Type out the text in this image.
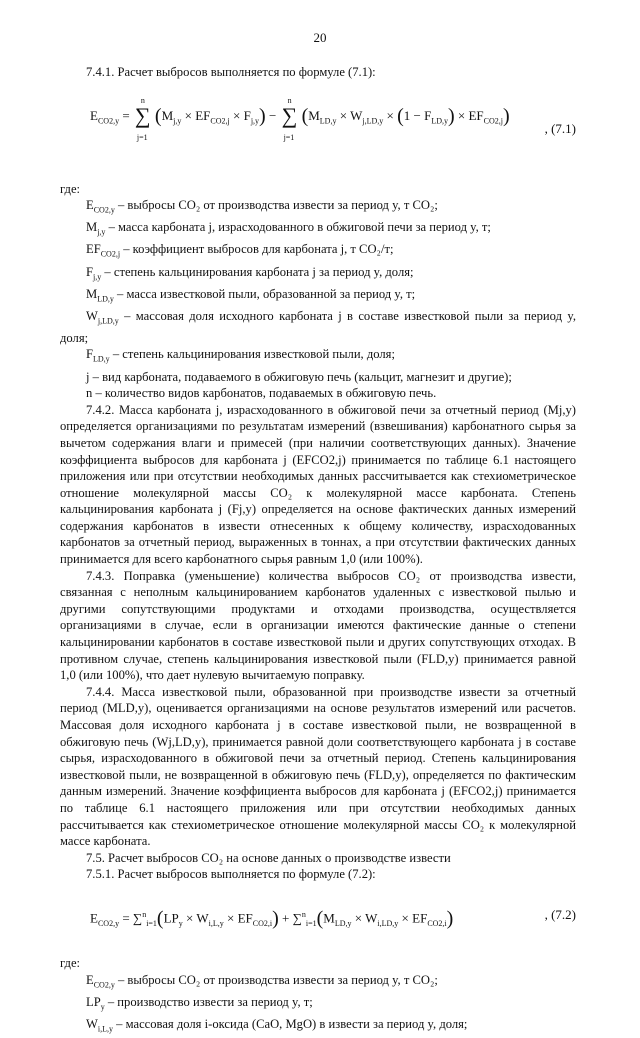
20

7.4.1. Расчет выбросов выполняется по формуле (7.1):

$E_{CO2,y}$ = ∑
n
j=1
$(M_{j,y} \times EF_{CO2,j} \times F_{j,y})$ − ∑
n
j=1
$(M_{LD,y} \times W_{j,LD,y} \times (1 - F_{LD,y}) \times EF_{CO2,j})$
, (7.1)

где:

$E_{CO2,y}$ – выбросы CO₂ от производства извести за период y, т CO₂;

$M_{j,y}$ – масса карбоната j, израсходованного в обжиговой печи за период y, т;

$EF_{CO2,j}$ – коэффициент выбросов для карбоната j, т CO₂/т;

$F_{j,y}$ – степень кальцинирования карбоната j за период y, доля;

$M_{LD,y}$ – масса известковой пыли, образованной за период y, т;

$W_{j,LD,y}$ – массовая доля исходного карбоната j в составе известковой пыли за период y, доля;

$F_{LD,y}$ – степень кальцинирования известковой пыли, доля;

j – вид карбоната, подаваемого в обжиговую печь (кальцит, магнезит и другие);

n – количество видов карбонатов, подаваемых в обжиговую печь.

7.4.2. Масса карбоната j, израсходованного в обжиговой печи за отчетный период (Mj,y) определяется организациями по результатам измерений (взвешивания) карбонатного сырья за вычетом содержания влаги и примесей (при наличии соответствующих данных). Значение коэффициента выбросов для карбоната j (EFCO2,j) принимается по таблице 6.1 настоящего приложения или при отсутствии необходимых данных рассчитывается как стехиометрическое отношение молекулярной массы CO₂ к молекулярной массе карбоната. Степень кальцинирования карбоната j (Fj,y) определяется на основе фактических данных измерений содержания карбонатов в извести отнесенных к общему количеству, израсходованных карбонатов за отчетный период, выраженных в тоннах, а при отсутствии фактических данных принимается для всего карбонатного сырья равным 1,0 (или 100%).

7.4.3. Поправка (уменьшение) количества выбросов CO₂ от производства извести, связанная с неполным кальцинированием карбонатов удаленных с известковой пылью и другими сопутствующими продуктами и отходами производства, осуществляется организациями в случае, если в организации имеются фактические данные о степени кальцинировании карбонатов в составе известковой пыли и других сопутствующих отходах. В противном случае, степень кальцинирования известковой пыли (FLD,y) принимается равной 1,0 (или 100%), что дает нулевую вычитаемую поправку.

7.4.4. Масса известковой пыли, образованной при производстве извести за отчетный период (MLD,y), оценивается организациями на основе результатов измерений или расчетов. Массовая доля исходного карбоната j в составе известковой пыли, не возвращенной в обжиговую печь (Wj,LD,y), принимается равной доли соответствующего карбоната j в составе сырья, израсходованного в обжиговой печи за отчетный период. Степень кальцинирования известковой пыли, не возвращенной в обжиговую печь (FLD,y), определяется по фактическим данным измерений. Значение коэффициента выбросов для карбоната j (EFCO2,j) принимается по таблице 6.1 настоящего приложения или при отсутствии необходимых данных рассчитывается как стехиометрическое отношение молекулярной массы CO₂ к молекулярной массе карбоната.

7.5. Расчет выбросов CO₂ на основе данных о производстве извести

7.5.1. Расчет выбросов выполняется по формуле (7.2):

$E_{CO2,y} = \sum^n_{i=1}(LP_y \times W_{i,L,y} \times EF_{CO2,i}) + \sum^n_{i=1}(M_{LD,y} \times W_{i,LD,y} \times EF_{CO2,i})$	, (7.2)

где:

$E_{CO2,y}$ – выбросы CO₂ от производства извести за период y, т CO₂;

$LP_y$ – производство извести за период y, т;

$W_{i,L,y}$ – массовая доля i-оксида (CaO, MgO) в извести за период y, доля;
